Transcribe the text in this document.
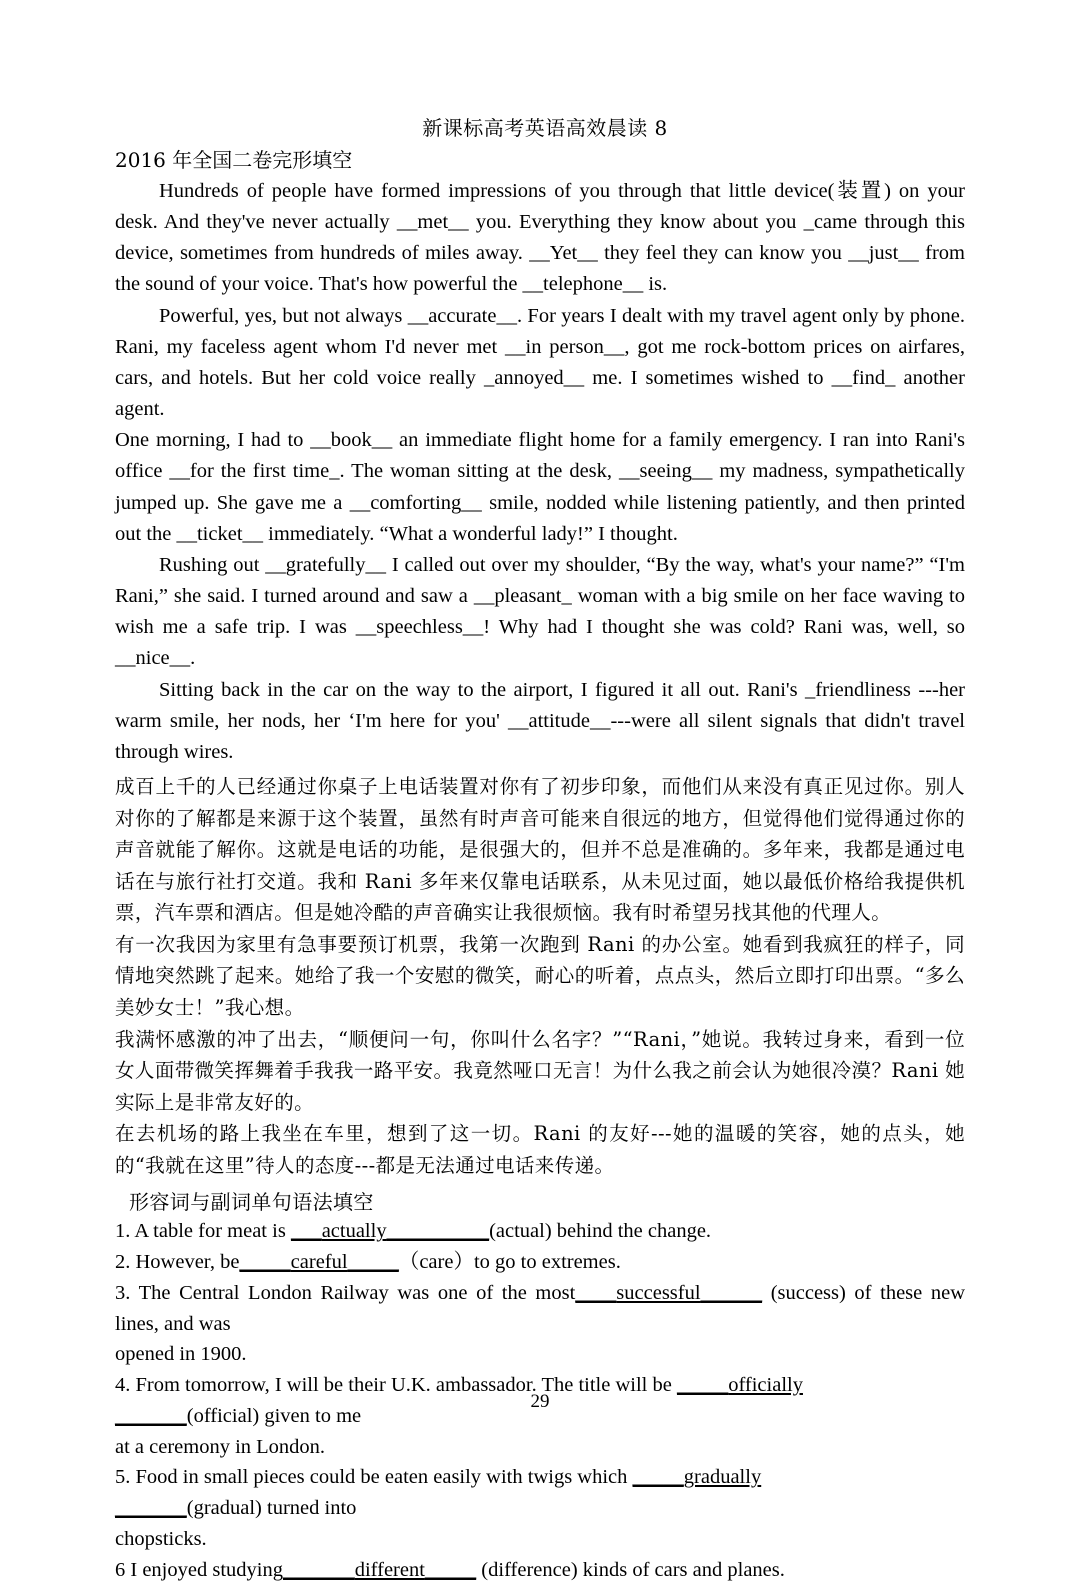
新课标高考英语高效晨读 8
2016 年全国二卷完形填空

Hundreds of people have formed impressions of you through that little device(装置) on your desk. And they've never actually __met__ you. Everything they know about you _came through this device, sometimes from hundreds of miles away. __Yet__ they feel they can know you __just__ from the sound of your voice. That's how powerful the __telephone__ is.

Powerful, yes, but not always __accurate__. For years I dealt with my travel agent only by phone. Rani, my faceless agent whom I'd never met __in person__, got me rock-bottom prices on airfares, cars, and hotels. But her cold voice really _annoyed__ me. I sometimes wished to __find_ another agent.

One morning, I had to __book__ an immediate flight home for a family emergency. I ran into Rani's office __for the first time_. The woman sitting at the desk, __seeing__ my madness, sympathetically jumped up. She gave me a __comforting__ smile, nodded while listening patiently, and then printed out the __ticket__ immediately. “What a wonderful lady!” I thought.

Rushing out __gratefully__ I called out over my shoulder, “By the way, what's your name?” “I'm Rani,” she said. I turned around and saw a __pleasant_ woman with a big smile on her face waving to wish me a safe trip. I was __speechless__! Why had I thought she was cold? Rani was, well, so __nice__.

Sitting back in the car on the way to the airport, I figured it all out. Rani's _friendliness ---her warm smile, her nods, her ‘I'm here for you' __attitude__---were all silent signals that didn't travel through wires.

成百上千的人已经通过你桌子上电话装置对你有了初步印象，而他们从来没有真正见过你。别人对你的了解都是来源于这个装置，虽然有时声音可能来自很远的地方，但觉得他们觉得通过你的声音就能了解你。这就是电话的功能，是很强大的，但并不总是准确的。多年来，我都是通过电话在与旅行社打交道。我和 Rani 多年来仅靠电话联系，从未见过面，她以最低价格给我提供机票，汽车票和酒店。但是她冷酷的声音确实让我很烦恼。我有时希望另找其他的代理人。

有一次我因为家里有急事要预订机票，我第一次跑到 Rani 的办公室。她看到我疯狂的样子，同情地突然跳了起来。她给了我一个安慰的微笑，耐心的听着，点点头，然后立即打印出票。“多么美妙女士！”我心想。

我满怀感激的冲了出去，“顺便问一句，你叫什么名字？”“Rani，”她说。我转过身来，看到一位女人面带微笑挥舞着手我我一路平安。我竟然哑口无言！为什么我之前会认为她很冷漠？Rani 她实际上是非常友好的。

在去机场的路上我坐在车里，想到了这一切。Rani 的友好---她的温暖的笑容，她的点头，她的“我就在这里”待人的态度---都是无法通过电话来传递。

形容词与副词单句语法填空

1. A table for meat is ___actually__________(actual) behind the change.

2. However, be_____careful_____（care）to go to extremes.

3. The Central London Railway was one of the most____successful______ (success) of these new lines, and was

opened in 1900.

4. From tomorrow, I will be their U.K. ambassador. The title will be _____officially

_______(official) given to me

at a ceremony in London.

5. Food in small pieces could be eaten easily with twigs which _____gradually

_______(gradual) turned into

chopsticks.

6 I enjoyed studying_______different_____ (difference) kinds of cars and planes.

29
